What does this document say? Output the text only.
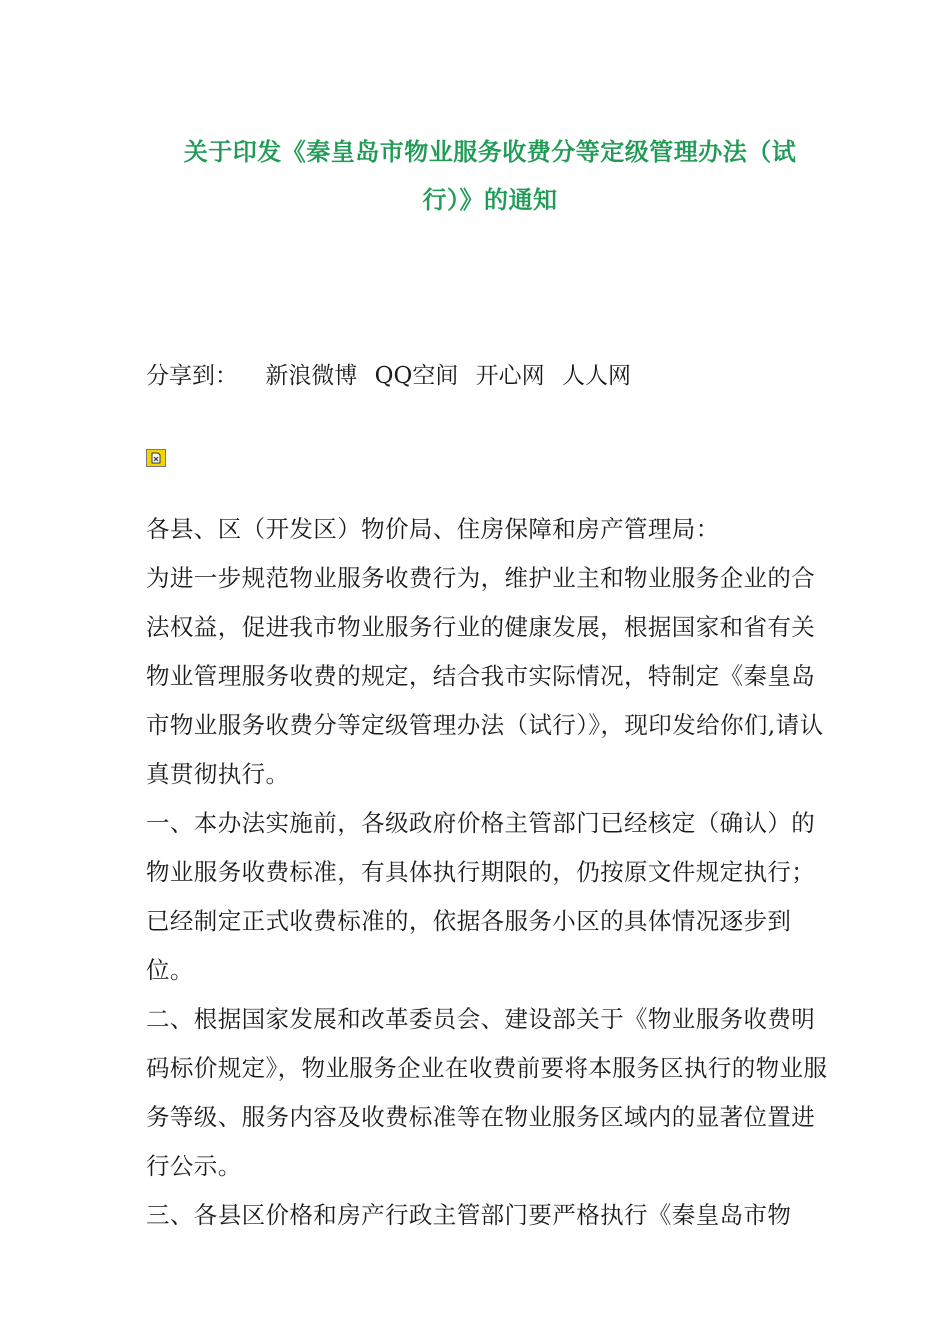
关于印发《秦皇岛市物业服务收费分等定级管理办法（试
行）》的通知
分享到： 新浪微博 QQ空间 开心网 人人网

各县、区（开发区）物价局、住房保障和房产管理局：

为进一步规范物业服务收费行为，维护业主和物业服务企业的合法权益，促进我市物业服务行业的健康发展，根据国家和省有关物业管理服务收费的规定，结合我市实际情况，特制定《秦皇岛市物业服务收费分等定级管理办法（试行）》，现印发给你们,请认真贯彻执行。

一、本办法实施前，各级政府价格主管部门已经核定（确认）的物业服务收费标准，有具体执行期限的，仍按原文件规定执行；已经制定正式收费标准的，依据各服务小区的具体情况逐步到位。

二、根据国家发展和改革委员会、建设部关于《物业服务收费明码标价规定》，物业服务企业在收费前要将本服务区执行的物业服务等级、服务内容及收费标准等在物业服务区域内的显著位置进行公示。

三、各县区价格和房产行政主管部门要严格执行《秦皇岛市物
